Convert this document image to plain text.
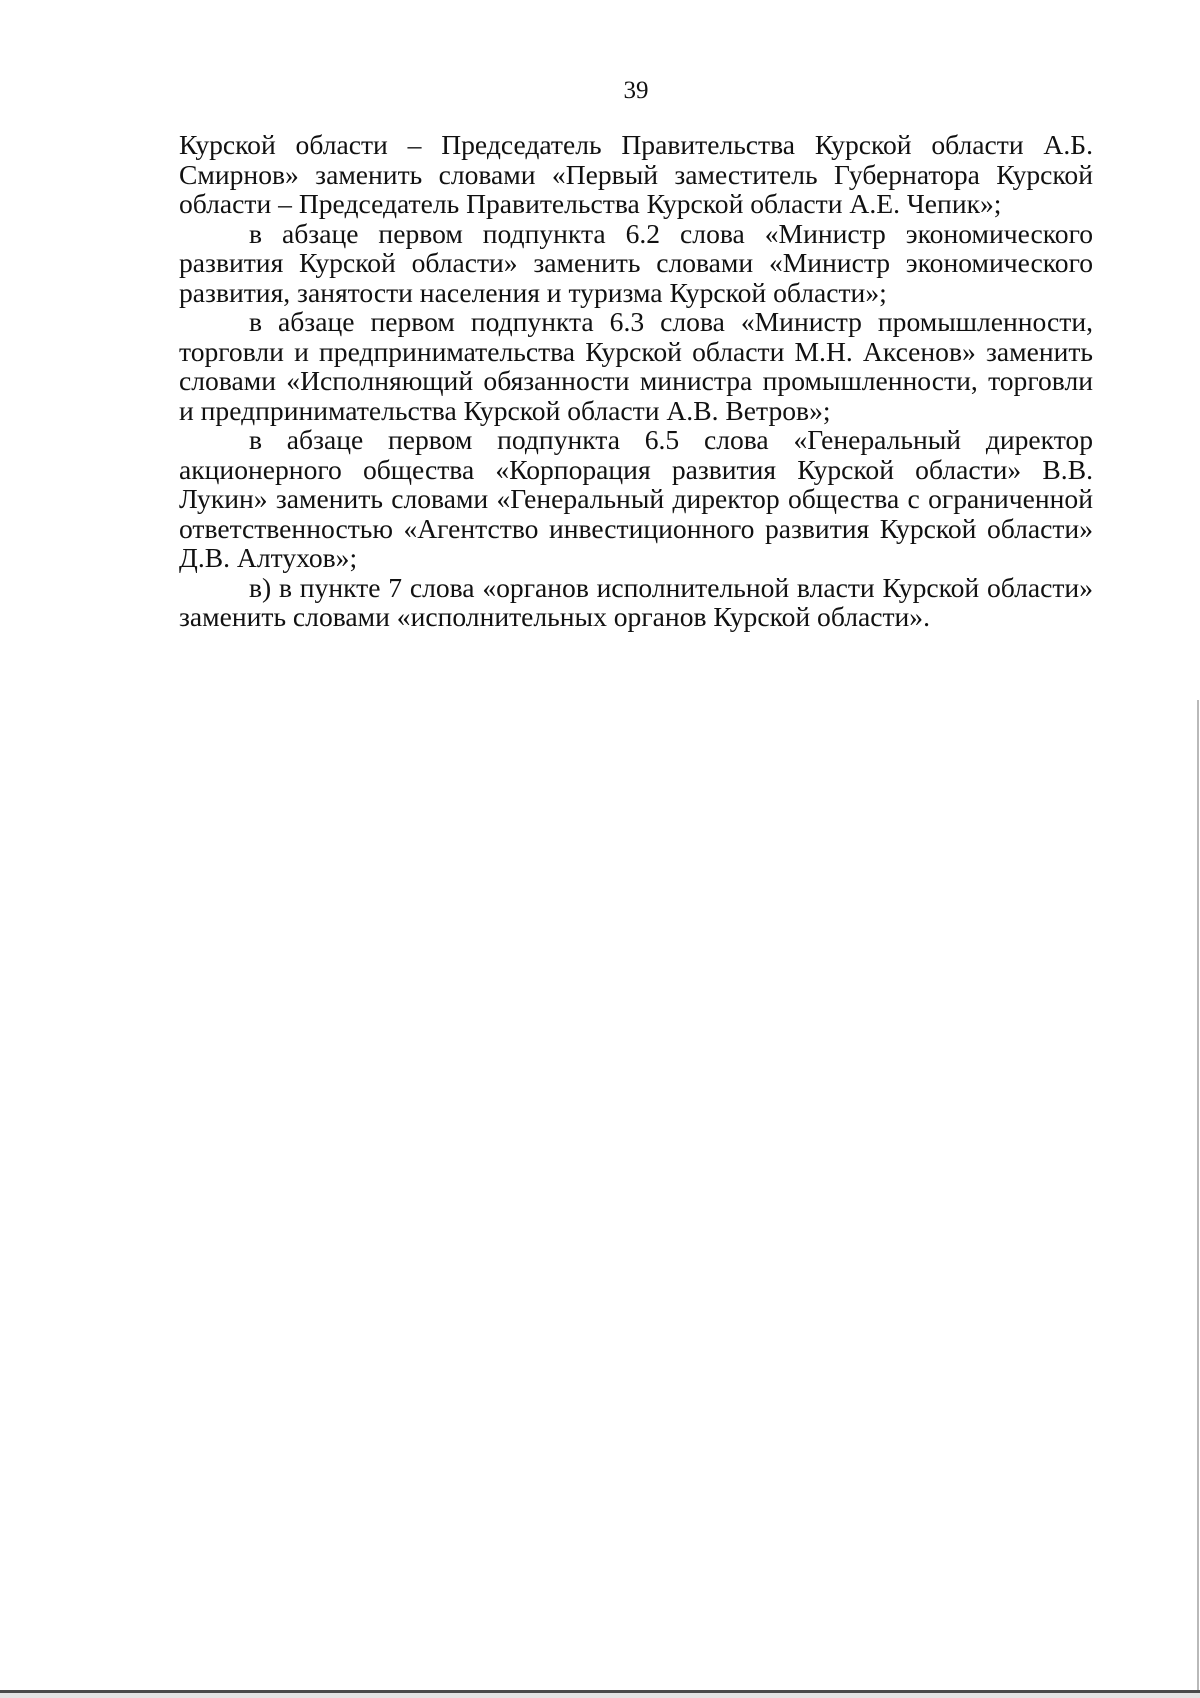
39

Курской области – Председатель Правительства Курской области А.Б. Смирнов» заменить словами «Первый заместитель Губернатора Курской области – Председатель Правительства Курской области А.Е. Чепик»;

в абзаце первом подпункта 6.2 слова «Министр экономического развития Курской области» заменить словами «Министр экономического развития, занятости населения и туризма Курской области»;

в абзаце первом подпункта 6.3 слова «Министр промышленности, торговли и предпринимательства Курской области М.Н. Аксенов» заменить словами «Исполняющий обязанности министра промышленности, торговли и предпринимательства Курской области А.В. Ветров»;

в абзаце первом подпункта 6.5 слова «Генеральный директор акционерного общества «Корпорация развития Курской области» В.В. Лукин» заменить словами «Генеральный директор общества с ограниченной ответственностью «Агентство инвестиционного развития Курской области» Д.В. Алтухов»;

в) в пункте 7 слова «органов исполнительной власти Курской области» заменить словами «исполнительных органов Курской области».
